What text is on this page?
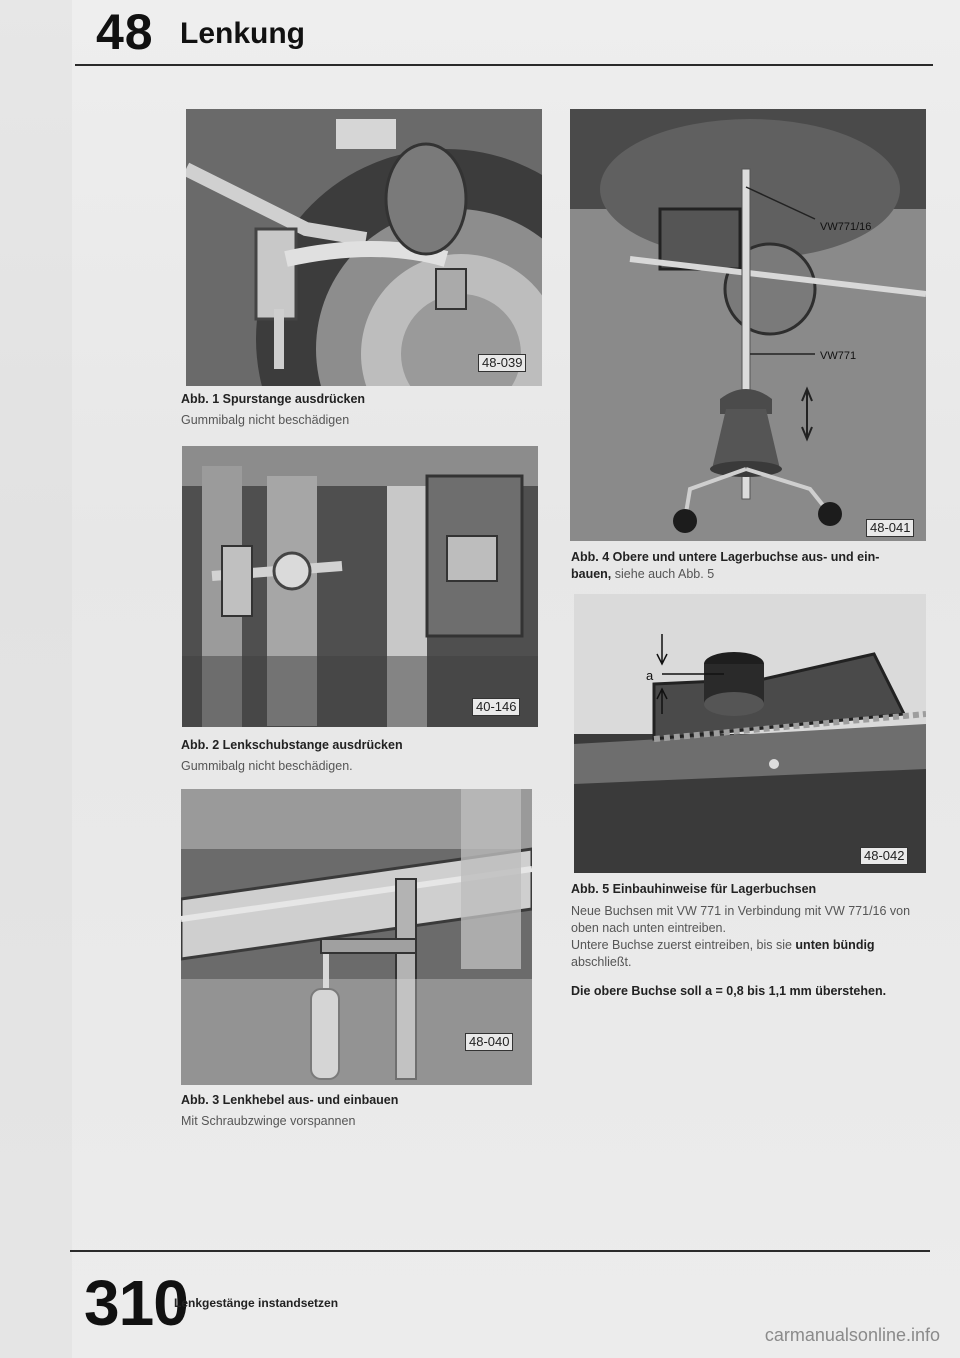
48 Lenkung
48-039
Abb. 1 Spurstange ausdrücken
Gummibalg nicht beschädigen
40-146
Abb. 2 Lenkschubstange ausdrücken
Gummibalg nicht beschädigen.
48-040
Abb. 3 Lenkhebel aus- und einbauen
Mit Schraubzwinge vorspannen
VW771/16
VW771
48-041
Abb. 4 Obere und untere Lagerbuchse aus- und ein-
bauen, siehe auch Abb. 5
a
48-042
Abb. 5 Einbauhinweise für Lagerbuchsen
Neue Buchsen mit VW 771 in Verbindung mit VW 771/16 von oben nach unten eintreiben.
Untere Buchse zuerst eintreiben, bis sie unten bündig abschließt.
Die obere Buchse soll a = 0,8 bis 1,1 mm überstehen.
310
Lenkgestänge instandsetzen
carmanualsonline.info
